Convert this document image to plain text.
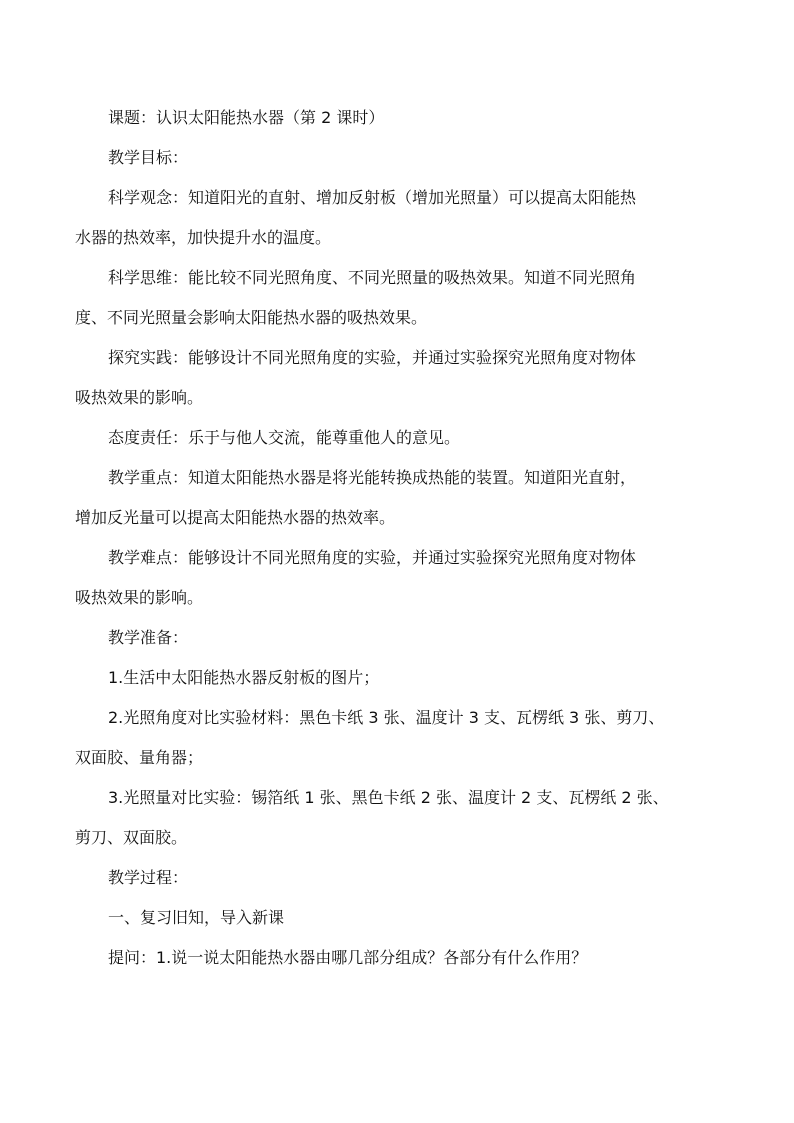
课题：认识太阳能热水器（第 2 课时）
教学目标：
科学观念：知道阳光的直射、增加反射板（增加光照量）可以提高太阳能热
水器的热效率，加快提升水的温度。
科学思维：能比较不同光照角度、不同光照量的吸热效果。知道不同光照角
度、不同光照量会影响太阳能热水器的吸热效果。
探究实践：能够设计不同光照角度的实验，并通过实验探究光照角度对物体
吸热效果的影响。
态度责任：乐于与他人交流，能尊重他人的意见。
教学重点：知道太阳能热水器是将光能转换成热能的装置。知道阳光直射，
增加反光量可以提高太阳能热水器的热效率。
教学难点：能够设计不同光照角度的实验，并通过实验探究光照角度对物体
吸热效果的影响。
教学准备：
1.生活中太阳能热水器反射板的图片；
2.光照角度对比实验材料：黑色卡纸 3 张、温度计 3 支、瓦楞纸 3 张、剪刀、
双面胶、量角器；
3.光照量对比实验：锡箔纸 1 张、黑色卡纸 2 张、温度计 2 支、瓦楞纸 2 张、
剪刀、双面胶。
教学过程：
一、复习旧知，导入新课
提问：1.说一说太阳能热水器由哪几部分组成？各部分有什么作用？
